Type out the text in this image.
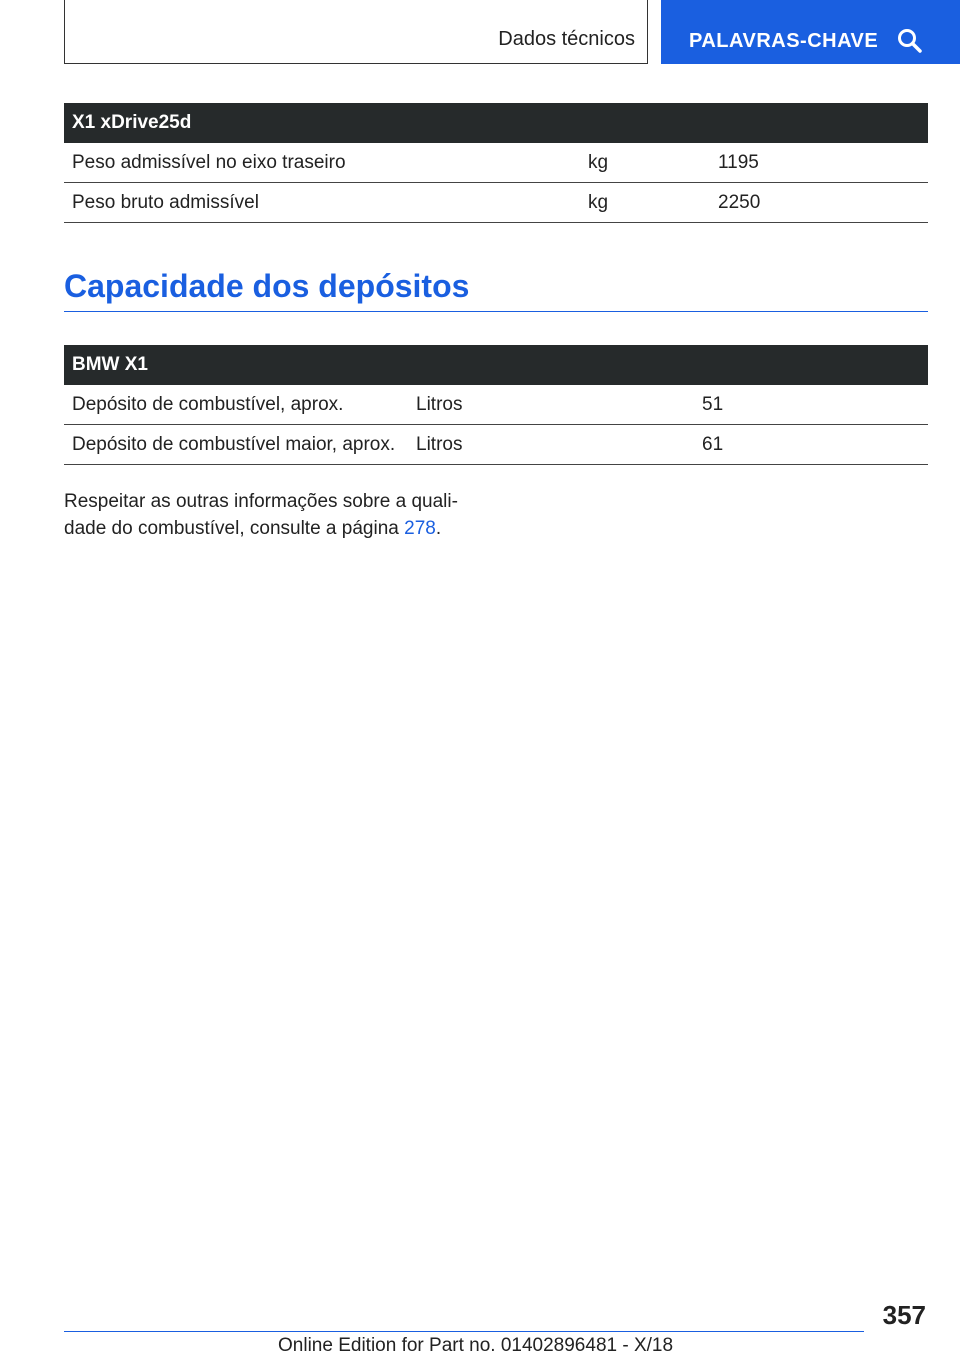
Dados técnicos	PALAVRAS-CHAVE
X1 xDrive25d		
Peso admissível no eixo traseiro	kg	1195
Peso bruto admissível	kg	2250
Capacidade dos depósitos
BMW X1		
Depósito de combustível, aprox.	Litros	51
Depósito de combustível maior, aprox.	Litros	61

Respeitar as outras informações sobre a quali-dade do combustível, consulte a página 278.

357
Online Edition for Part no. 01402896481 - X/18
